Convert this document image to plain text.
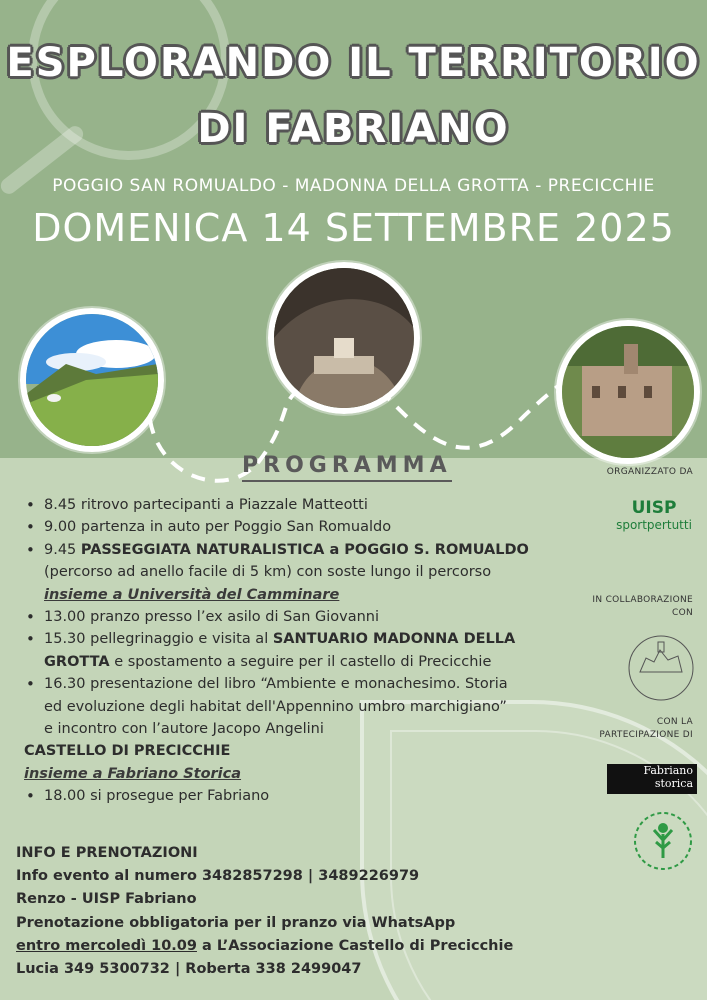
ESPLORANDO IL TERRITORIO
DI FABRIANO
POGGIO SAN ROMUALDO - MADONNA DELLA GROTTA - PRECICCHIE
DOMENICA 14 SETTEMBRE 2025
PROGRAMMA
• 8.45 ritrovo partecipanti a Piazzale Matteotti
• 9.00 partenza in auto per Poggio San Romualdo
• 9.45 PASSEGGIATA NATURALISTICA a POGGIO S. ROMUALDO
(percorso ad anello facile di 5 km) con soste lungo il percorso
insieme a Università del Camminare
• 13.00 pranzo presso l’ex asilo di San Giovanni
• 15.30 pellegrinaggio e visita al SANTUARIO MADONNA DELLA
GROTTA e spostamento a seguire per il castello di Precicchie
• 16.30 presentazione del libro “Ambiente e monachesimo. Storia
ed evoluzione degli habitat dell'Appennino umbro marchigiano”
e incontro con l’autore Jacopo Angelini
CASTELLO DI PRECICCHIE
insieme a Fabriano Storica
• 18.00 si prosegue per Fabriano
INFO E PRENOTAZIONI
Info evento al numero 3482857298 | 3489226979
Renzo - UISP Fabriano
Prenotazione obbligatoria per il pranzo via WhatsApp
entro mercoledì 10.09 a L’Associazione Castello di Precicchie
Lucia 349 5300732 | Roberta 338 2499047
ORGANIZZATO DA
UISP
sportpertutti
IN COLLABORAZIONE
CON
CON LA
PARTECIPAZIONE DI
Fabriano
storica
